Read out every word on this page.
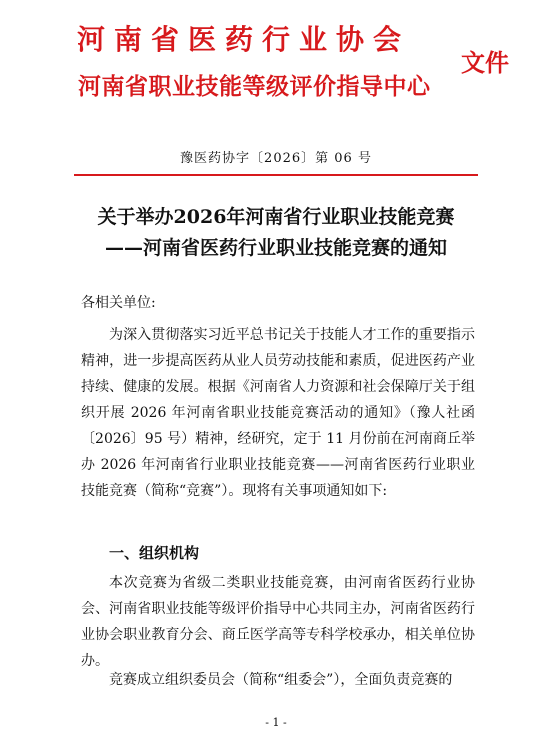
河南省医药行业协会
河南省职业技能等级评价指导中心
文件
豫医药协字〔2026〕第 06 号
关于举办2026年河南省行业职业技能竞赛
——河南省医药行业职业技能竞赛的通知
各相关单位:
为深入贯彻落实习近平总书记关于技能人才工作的重要指示精神，进一步提高医药从业人员劳动技能和素质，促进医药产业持续、健康的发展。根据《河南省人力资源和社会保障厅关于组织开展 2026 年河南省职业技能竞赛活动的通知》（豫人社函〔2026〕95 号）精神，经研究，定于 11 月份前在河南商丘举办 2026 年河南省行业职业技能竞赛——河南省医药行业职业技能竞赛（简称“竞赛”）。现将有关事项通知如下:
一、组织机构
本次竞赛为省级二类职业技能竞赛，由河南省医药行业协会、河南省职业技能等级评价指导中心共同主办，河南省医药行业协会职业教育分会、商丘医学高等专科学校承办，相关单位协办。
竞赛成立组织委员会（简称“组委会”），全面负责竞赛的
- 1 -
